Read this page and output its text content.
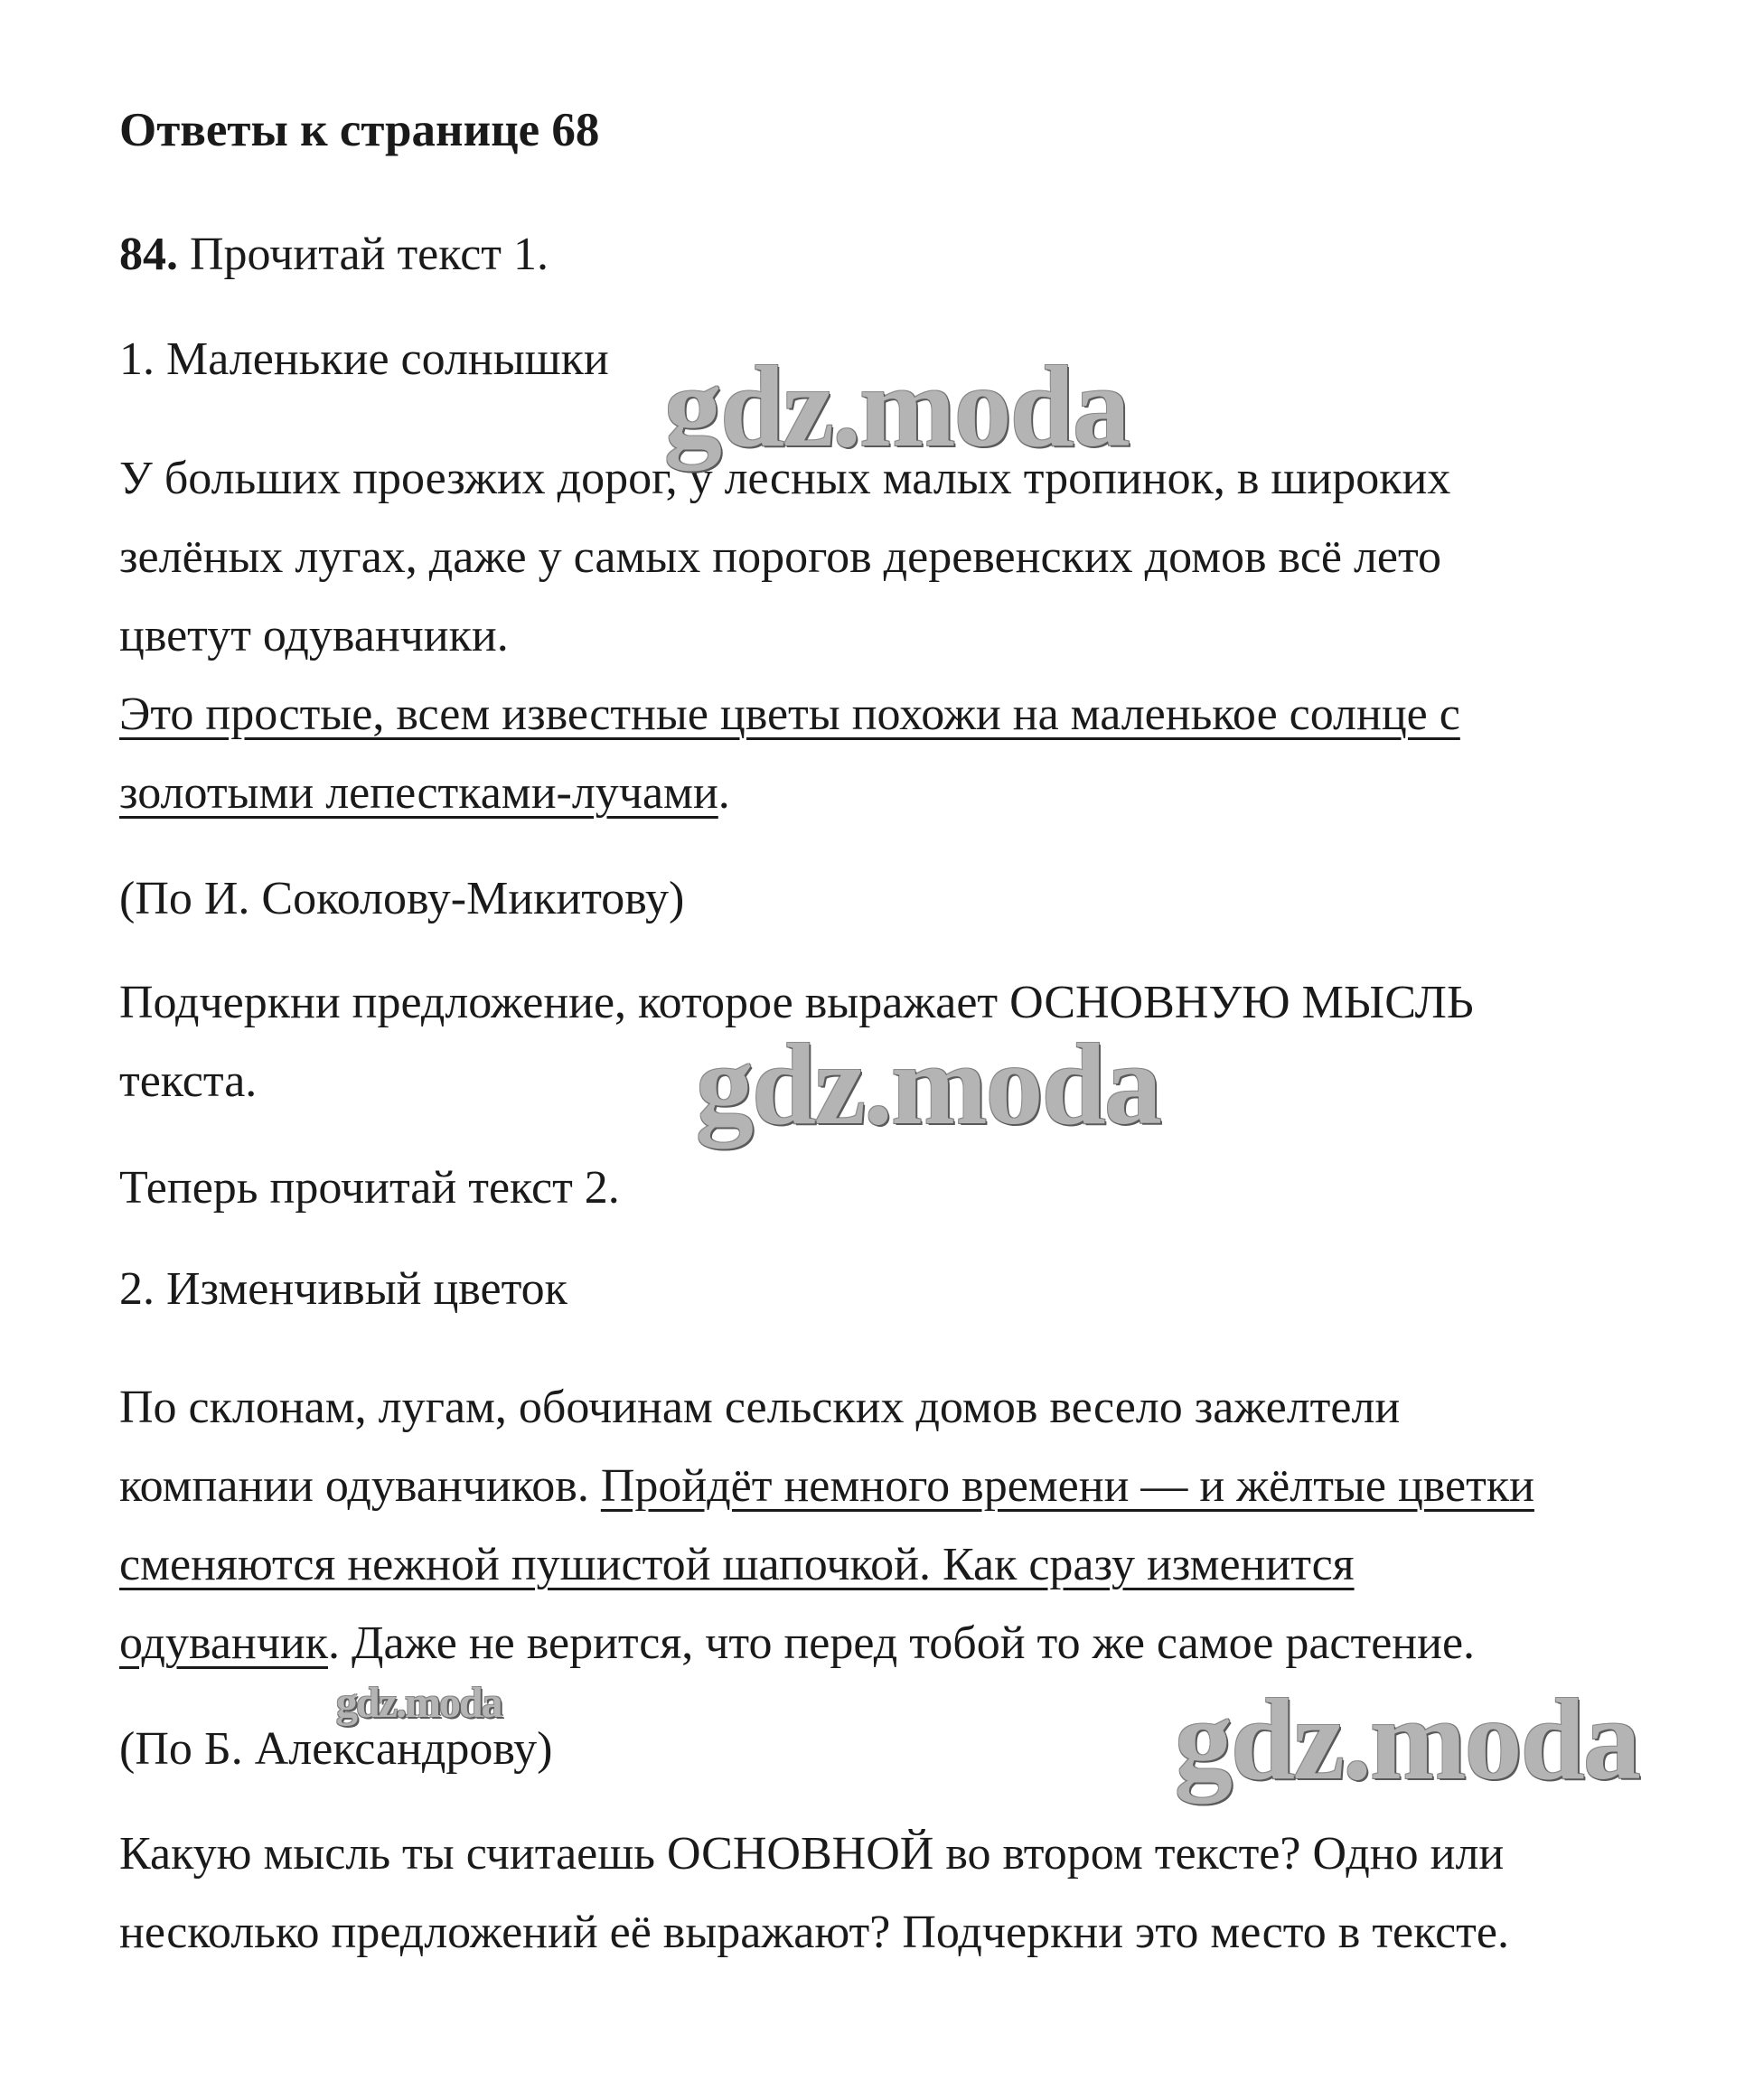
Ответы к странице 68
84. Прочитай текст 1.
1. Маленькие солнышки
У больших проезжих дорог, у лесных малых тропинок, в широких
зелёных лугах, даже у самых порогов деревенских домов всё лето
цветут одуванчики.
Это простые, всем известные цветы похожи на маленькое солнце с
золотыми лепестками-лучами.
(По И. Соколову-Микитову)
Подчеркни предложение, которое выражает ОСНОВНУЮ МЫСЛЬ
текста.
Теперь прочитай текст 2.
2. Изменчивый цветок
По склонам, лугам, обочинам сельских домов весело зажелтели
компании одуванчиков. Пройдёт немного времени — и жёлтые цветки
сменяются нежной пушистой шапочкой. Как сразу изменится
одуванчик. Даже не верится, что перед тобой то же самое растение.
(По Б. Александрову)
Какую мысль ты считаешь ОСНОВНОЙ во втором тексте? Одно или
несколько предложений её выражают? Подчеркни это место в тексте.
gdz.moda
gdz.moda
gdz.moda	gdz.moda
